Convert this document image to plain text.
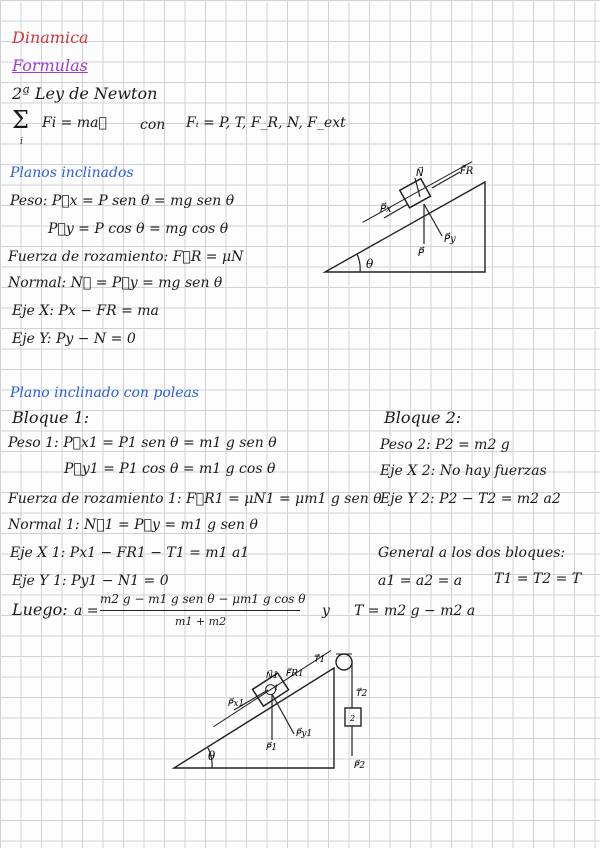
Dinamica
Formulas
2ª Ley de Newton
Σ
i
Fi = ma⃗ con Fᵢ = P, T, F_R, N, F_ext
Planos inclinados
Peso: P⃗x = P sen θ = mg sen θ
P⃗y = P cos θ = mg cos θ
Fuerza de rozamiento: F⃗R = μN
Normal: N⃗ = P⃗y = mg sen θ
Eje X: Px − FR = ma
Eje Y: Py − N = 0
N⃗	F⃗R
P⃗x
P⃗
P⃗y
θ
Plano inclinado con poleas
Bloque 1:
Peso 1: P⃗x1 = P1 sen θ = m1 g sen θ
P⃗y1 = P1 cos θ = m1 g cos θ
Fuerza de rozamiento 1: F⃗R1 = μN1 = μm1 g sen θ
Normal 1: N⃗1 = P⃗y = m1 g sen θ
Eje X 1: Px1 − FR1 − T1 = m1 a1
Eje Y 1: Py1 − N1 = 0
Luego: a =
m2 g − m1 g sen θ − μm1 g cos θ
m1 + m2
y T = m2 g − m2 a
Bloque 2:
Peso 2: P2 = m2 g
Eje X 2: No hay fuerzas
Eje Y 2: P2 − T2 = m2 a2
General a los dos bloques:
a1 = a2 = a T1 = T2 = T
N⃗1 F⃗R1
T⃗1
P⃗x1
P⃗1
P⃗y1
θ
T⃗2
P⃗2
1
2
